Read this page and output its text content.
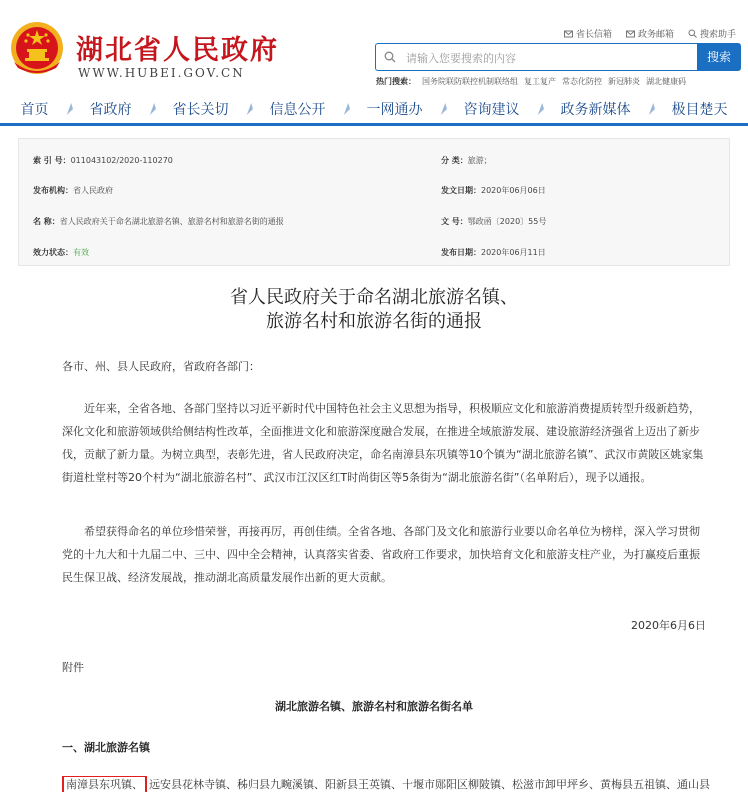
湖北省人民政府
WWW.HUBEI.GOV.CN
省长信箱	政务邮箱	搜索助手
请输入您要搜索的内容
搜索
热门搜索： 国务院联防联控机制联络组 复工复产 常态化防控 新冠肺炎 湖北健康码
首页	省政府	省长关切	信息公开	一网通办	咨询建议	政务新媒体	极目楚天
索 引 号：011043102/2020-110270	分 类：旅游；
发布机构：省人民政府	发文日期：2020年06月06日
名 称：省人民政府关于命名湖北旅游名镇、旅游名村和旅游名街的通报	文 号：鄂政函〔2020〕55号
效力状态：有效	发布日期：2020年06月11日
省人民政府关于命名湖北旅游名镇、
旅游名村和旅游名街的通报
各市、州、县人民政府，省政府各部门：

近年来，全省各地、各部门坚持以习近平新时代中国特色社会主义思想为指导，积极顺应文化和旅游消费提质转型升级新趋势，深化文化和旅游领域供给侧结构性改革，全面推进文化和旅游深度融合发展，在推进全域旅游发展、建设旅游经济强省上迈出了新步伐，贡献了新力量。为树立典型，表彰先进，省人民政府决定，命名南漳县东巩镇等10个镇为“湖北旅游名镇”、武汉市黄陂区姚家集街道杜堂村等20个村为“湖北旅游名村”、武汉市江汉区红T时尚街区等5条街为“湖北旅游名街”（名单附后），现予以通报。

希望获得命名的单位珍惜荣誉，再接再厉，再创佳绩。全省各地、各部门及文化和旅游行业要以命名单位为榜样，深入学习贯彻党的十九大和十九届二中、三中、四中全会精神，认真落实省委、省政府工作要求，加快培育文化和旅游支柱产业，为打赢疫后重振民生保卫战、经济发展战，推动湖北高质量发展作出新的更大贡献。

2020年6月6日
附件
湖北旅游名镇、旅游名村和旅游名街名单
一、湖北旅游名镇
南漳县东巩镇、 远安县花林寺镇、秭归县九畹溪镇、阳新县王英镇、十堰市郧阳区柳陂镇、松滋市卸甲坪乡、黄梅县五祖镇、通山县
